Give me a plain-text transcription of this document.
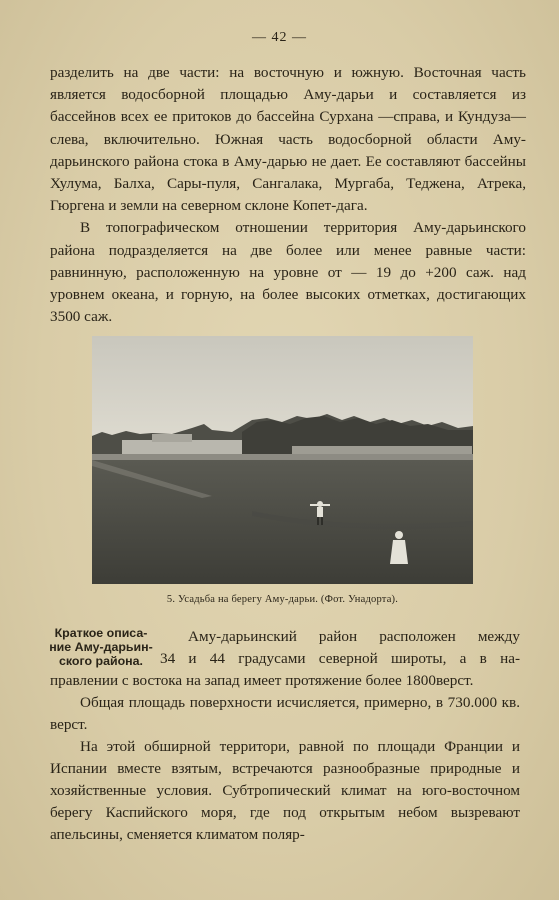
— 42 —

разделить на две части: на восточную и южную. Восточная часть является водосборной площадью Аму-дарьи и составляется из бассейнов всех ее притоков до бассейна Сурхана —справа, и Кундуза—слева, включительно. Южная часть водосборной области Аму-дарьинского района стока в Аму-дарью не дает. Ее составляют бассейны Хулума, Балха, Сары-пуля, Сангалака, Мургаба, Теджена, Атрека, Гюргена и земли на северном склоне Копет-дага.

В топографическом отношении территория Аму-дарьинского района подразделяется на две более или менее равные части: равнинную, расположенную на уровне от — 19 до +200 саж. над уровнем океана, и горную, на более высоких отметках, достигающих 3500 саж.

5. Усадьба на берегу Аму-дарьи. (Фот. Унадорта).
Краткое описа-
ние Аму-дарьин-
ского района.
Аму-дарьинский район расположен между
34 и 44 градусами северной широты, а в на-

правлении с востока на запад имеет протяжение более 1800верст.

Общая площадь поверхности исчисляется, примерно, в 730.000 кв. верст.

На этой обширной территори, равной по площади Франции и Испании вместе взятым, встречаются разнообразные природные и хозяйственные условия. Субтропический климат на юго-восточном берегу Каспийского моря, где под открытым небом вызревают апельсины, сменяется климатом поляр-
